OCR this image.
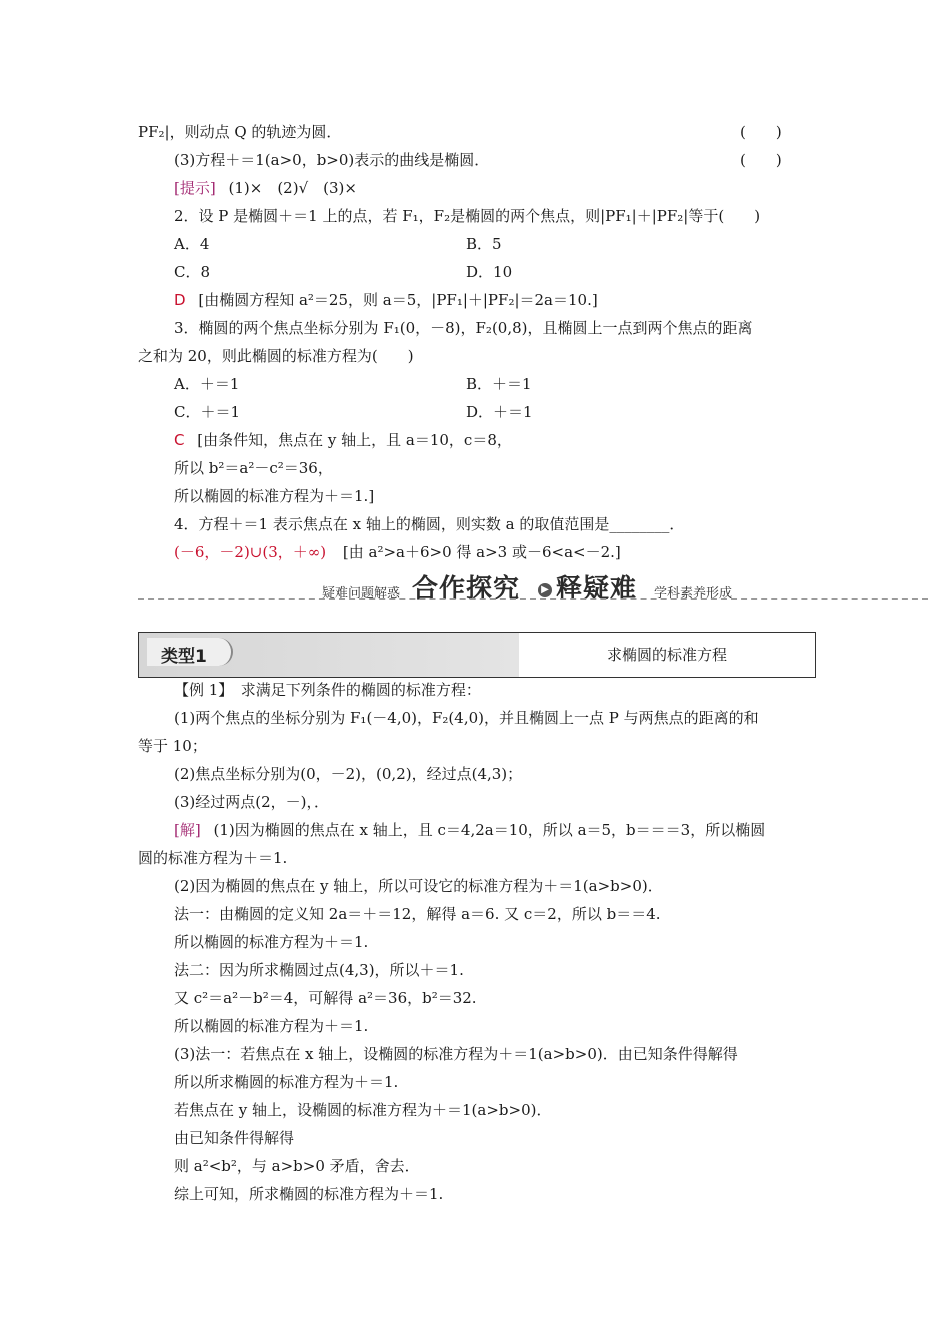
PF₂|，则动点 Q 的轨迹为圆．
(3)方程＋＝1(a>0，b>0)表示的曲线是椭圆．
2．设 P 是椭圆＋＝1 上的点，若 F₁，F₂是椭圆的两个焦点，则|PF₁|＋|PF₂|等于(　　)
A．4	B．5
C．8	D．10
3．椭圆的两个焦点坐标分别为 F₁(0，－8)，F₂(0,8)，且椭圆上一点到两个焦点的距离
之和为 20，则此椭圆的标准方程为(　　)
A．＋＝1	B．＋＝1
C．＋＝1	D．＋＝1
所以 b²＝a²－c²＝36，
所以椭圆的标准方程为＋＝1.]
4．方程＋＝1 表示焦点在 x 轴上的椭圆，则实数 a 的取值范围是________．
【例 1】　求满足下列条件的椭圆的标准方程：
(1)两个焦点的坐标分别为 F₁(－4,0)，F₂(4,0)，并且椭圆上一点 P 与两焦点的距离的和
等于 10；
(2)焦点坐标分别为(0，－2)，(0,2)，经过点(4,3)；
(3)经过两点(2，－)，．
圆的标准方程为＋＝1.
(2)因为椭圆的焦点在 y 轴上，所以可设它的标准方程为＋＝1(a>b>0)．
法一：由椭圆的定义知 2a＝＋＝12，解得 a＝6. 又 c＝2，所以 b＝＝4.
所以椭圆的标准方程为＋＝1.
法二：因为所求椭圆过点(4,3)，所以＋＝1.
又 c²＝a²－b²＝4，可解得 a²＝36，b²＝32.
所以椭圆的标准方程为＋＝1.
(3)法一：若焦点在 x 轴上，设椭圆的标准方程为＋＝1(a>b>0)．由已知条件得解得
所以所求椭圆的标准方程为＋＝1.
若焦点在 y 轴上，设椭圆的标准方程为＋＝1(a>b>0)．
由已知条件得解得
则 a²<b²，与 a>b>0 矛盾，舍去．
综上可知，所求椭圆的标准方程为＋＝1.
(　　)
(　　)
[提示] (1)×　(2)√　(3)×
D [由椭圆方程知 a²＝25，则 a＝5，|PF₁|＋|PF₂|＝2a＝10.]
C [由条件知，焦点在 y 轴上，且 a＝10，c＝8，
(－6，－2)∪(3，＋∞) [由 a²>a＋6>0 得 a>3 或－6<a<－2.]
疑难问题解惑 合作探究	▶ 释疑难 学科素养形成
类型1	求椭圆的标准方程
[解] (1)因为椭圆的焦点在 x 轴上，且 c＝4,2a＝10，所以 a＝5，b＝＝＝3，所以椭圆
